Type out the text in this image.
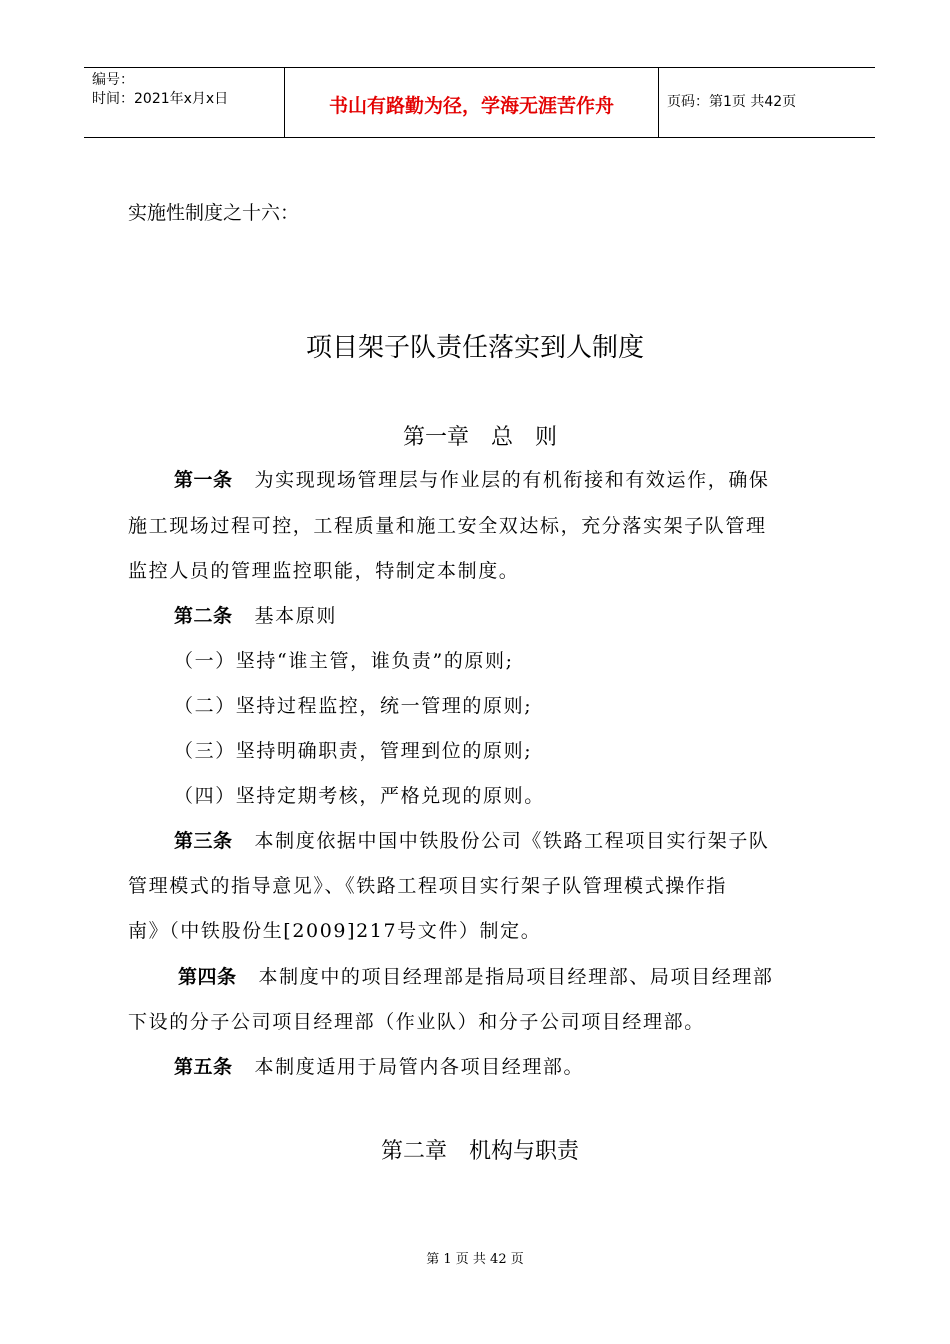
编号：
时间：2021年x月x日	书山有路勤为径，学海无涯苦作舟	页码：第1页 共42页
实施性制度之十六：
项目架子队责任落实到人制度
第一章　总　则
第一条 为实现现场管理层与作业层的有机衔接和有效运作，确保
施工现场过程可控，工程质量和施工安全双达标，充分落实架子队管理
监控人员的管理监控职能，特制定本制度。
第二条 基本原则
（一）坚持“谁主管，谁负责”的原则;
（二）坚持过程监控，统一管理的原则;
（三）坚持明确职责，管理到位的原则;
（四）坚持定期考核，严格兑现的原则。
第三条 本制度依据中国中铁股份公司《铁路工程项目实行架子队
管理模式的指导意见》、《铁路工程项目实行架子队管理模式操作指
南》（中铁股份生[2009]217号文件）制定。
第四条 本制度中的项目经理部是指局项目经理部、局项目经理部
下设的分子公司项目经理部（作业队）和分子公司项目经理部。
第五条 本制度适用于局管内各项目经理部。
第二章　机构与职责
第 1 页 共 42 页
